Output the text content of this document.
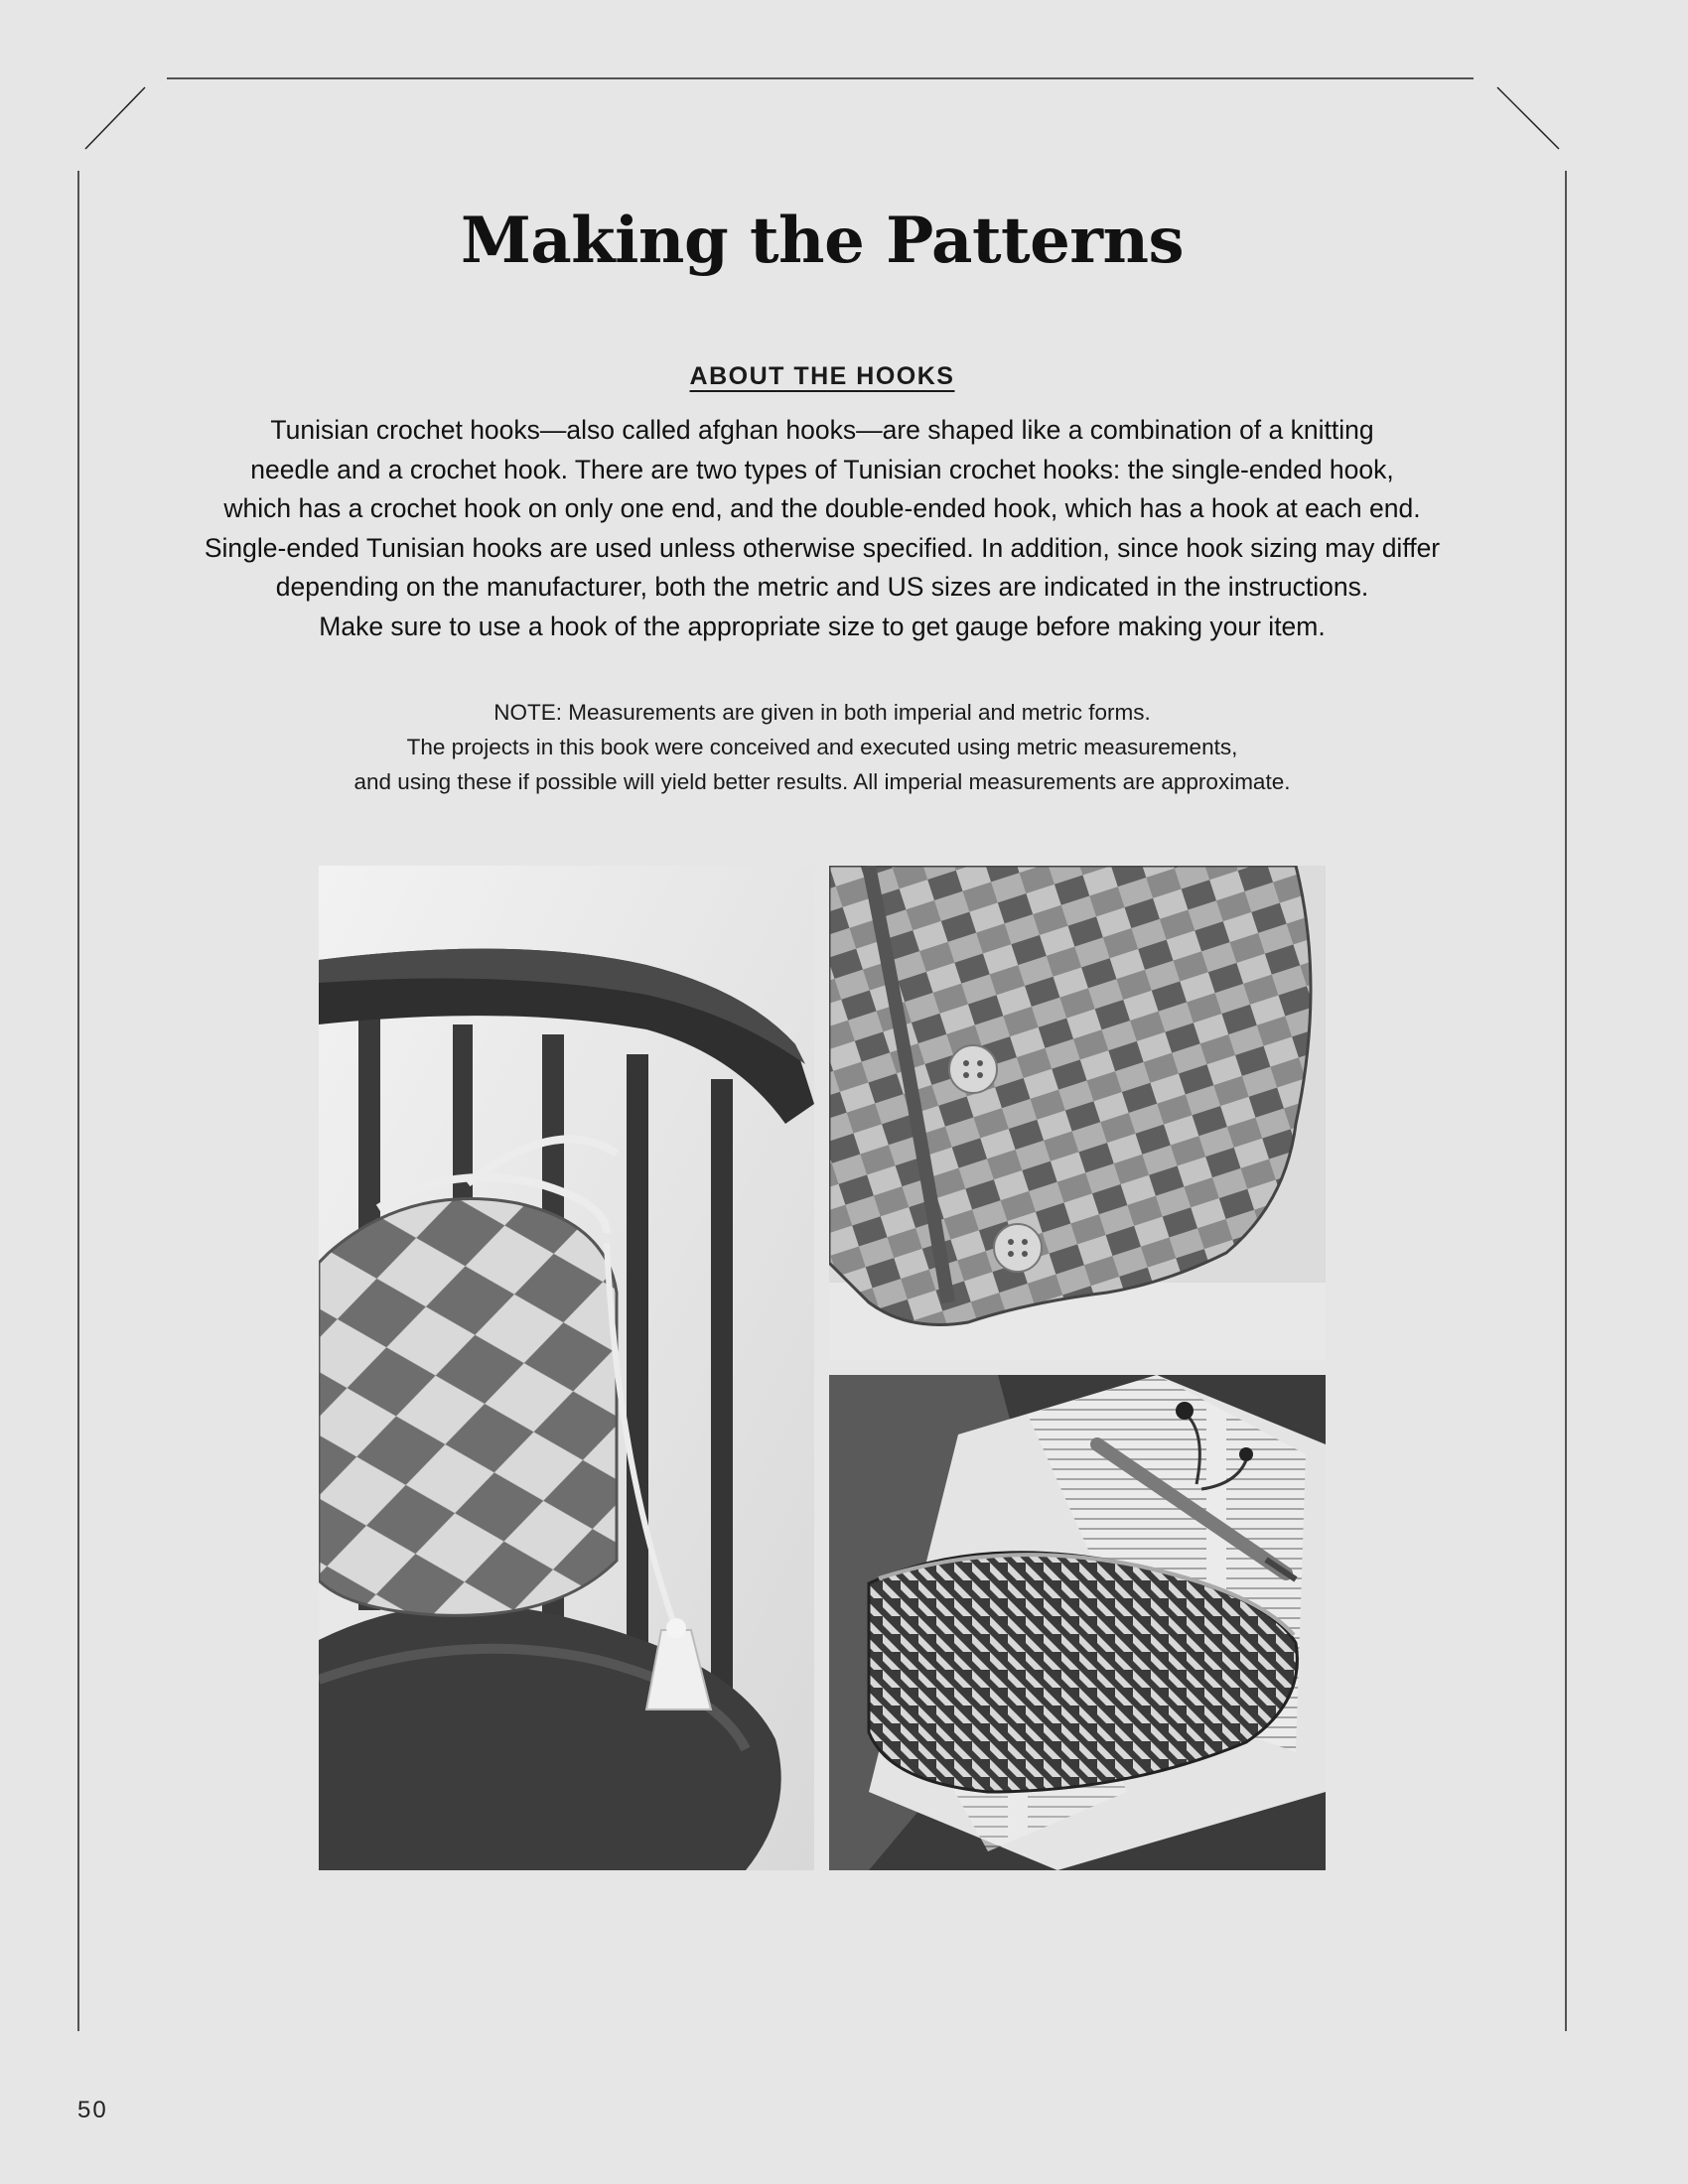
Making the Patterns
ABOUT THE HOOKS
Tunisian crochet hooks—also called afghan hooks—are shaped like a combination of a knitting
needle and a crochet hook. There are two types of Tunisian crochet hooks: the single-ended hook,
which has a crochet hook on only one end, and the double-ended hook, which has a hook at each end.
Single-ended Tunisian hooks are used unless otherwise specified. In addition, since hook sizing may differ
depending on the manufacturer, both the metric and US sizes are indicated in the instructions.
Make sure to use a hook of the appropriate size to get gauge before making your item.
NOTE: Measurements are given in both imperial and metric forms.
The projects in this book were conceived and executed using metric measurements,
and using these if possible will yield better results. All imperial measurements are approximate.
50
